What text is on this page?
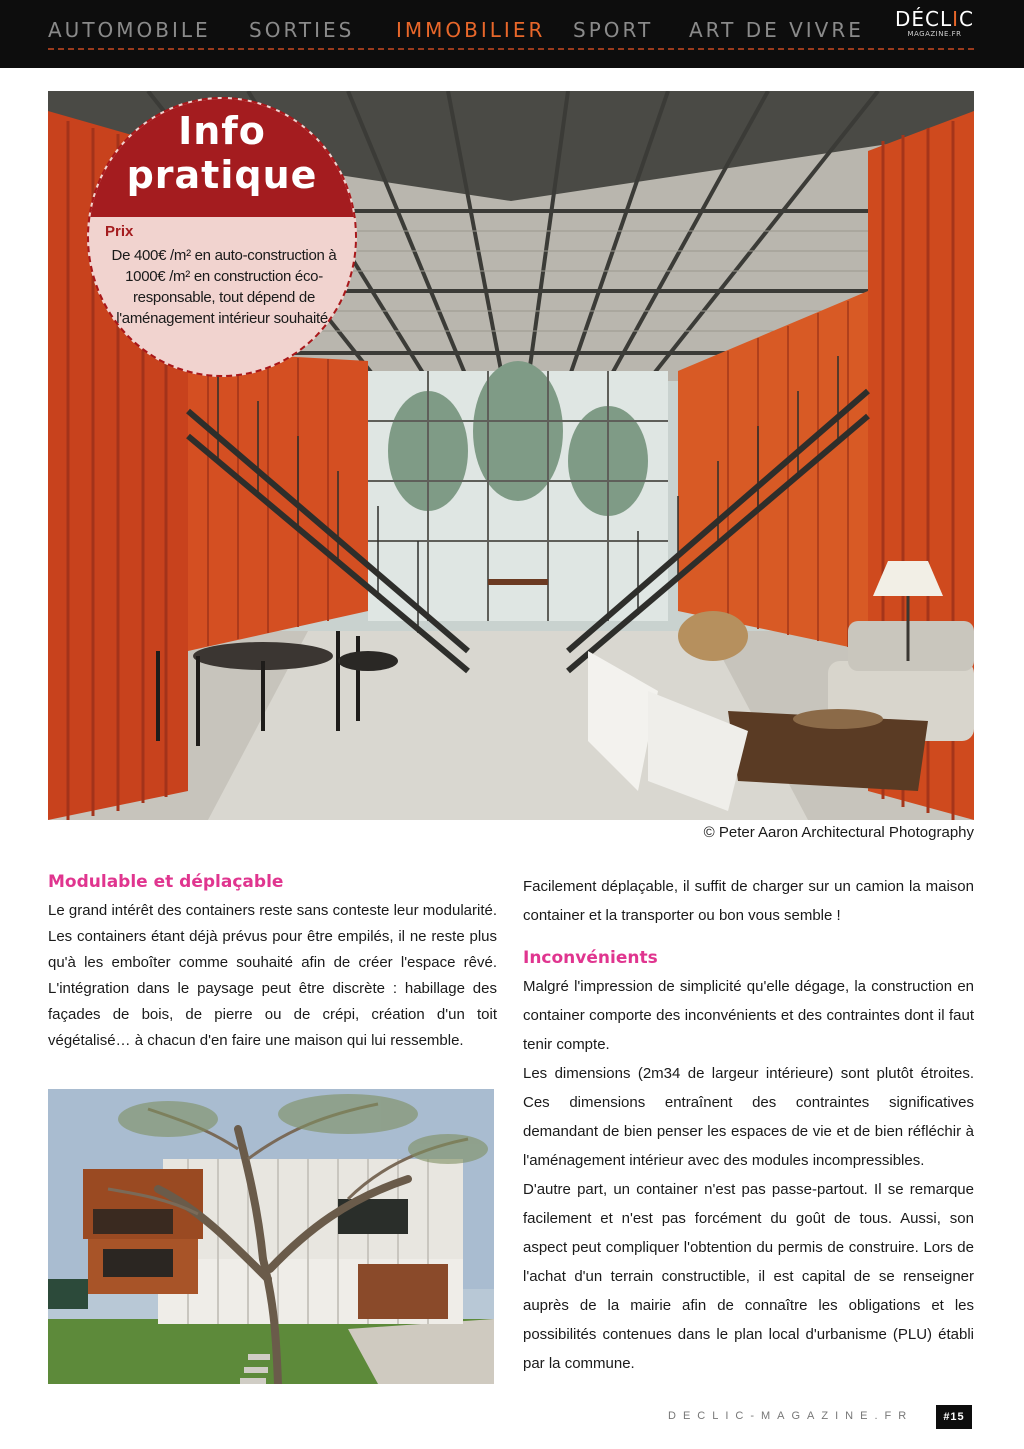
AUTOMOBILE SORTIES IMMOBILIER SPORT ART DE VIVRE DÉCLIC
MAGAZINE.FR
Info
pratique
Prix
De 400€ /m² en auto-construction à 1000€ /m² en construction éco-responsable, tout dépend de l'aménagement intérieur souhaité.
© Peter Aaron Architectural Photography
Modulable et déplaçable

Le grand intérêt des containers reste sans conteste leur modularité. Les containers étant déjà prévus pour être empilés, il ne reste plus qu'à les emboîter comme souhaité afin de créer l'espace rêvé. L'intégration dans le paysage peut être discrète : habillage des façades de bois, de pierre ou de crépi, création d'un toit végétalisé… à chacun d'en faire une maison qui lui ressemble.

Facilement déplaçable, il suffit de charger sur un camion la maison container et la transporter ou bon vous semble !

Inconvénients

Malgré l'impression de simplicité qu'elle dégage, la construction en container comporte des inconvénients et des contraintes dont il faut tenir compte.

Les dimensions (2m34 de largeur intérieure) sont plutôt étroites. Ces dimensions entraînent des contraintes significatives demandant de bien penser les espaces de vie et de bien réfléchir à l'aménagement intérieur avec des modules incompressibles.

D'autre part, un container n'est pas passe-partout. Il se remarque facilement et n'est pas forcément du goût de tous. Aussi, son aspect peut compliquer l'obtention du permis de construire. Lors de l'achat d'un terrain constructible, il est capital de se renseigner auprès de la mairie afin de connaître les obligations et les possibilités contenues dans le plan local d'urbanisme (PLU) établi par la commune.

DECLIC-MAGAZINE.FR	#15
